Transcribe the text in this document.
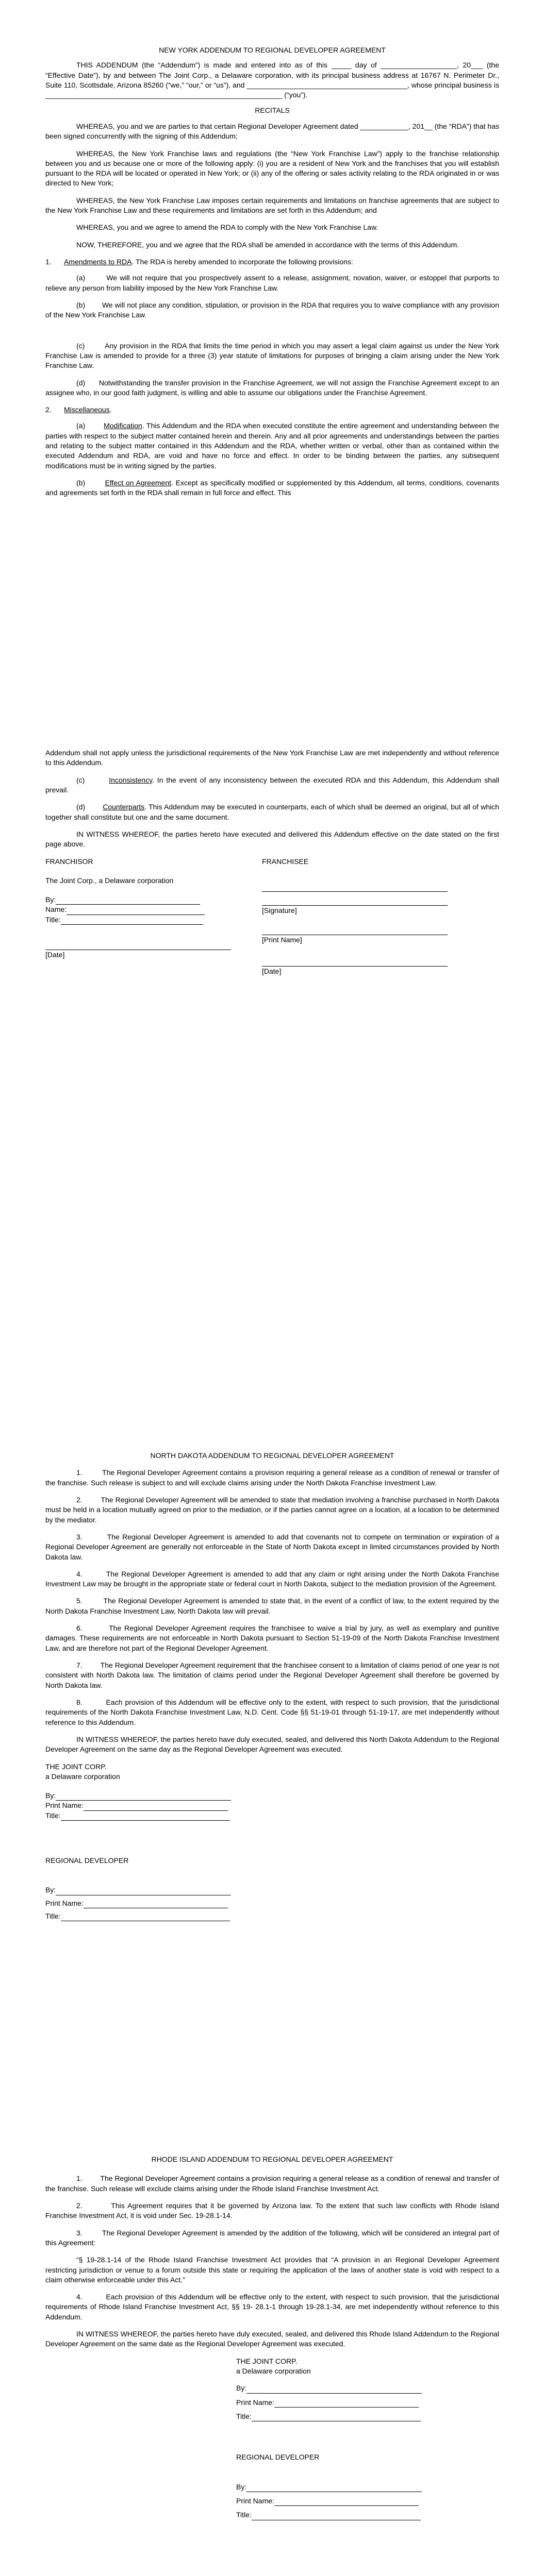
NEW YORK ADDENDUM TO REGIONAL DEVELOPER AGREEMENT

THIS ADDENDUM (the “Addendum”) is made and entered into as of this _____ day of ___________________, 20___ (the “Effective Date”), by and between The Joint Corp., a Delaware corporation, with its principal business address at 16767 N. Perimeter Dr., Suite 110, Scottsdale, Arizona 85260 (“we,” “our,” or “us”), and ________________________________________, whose principal business is ___________________________________________________________ (“you”).

RECITALS

WHEREAS, you and we are parties to that certain Regional Developer Agreement dated ____________, 201__ (the “RDA”) that has been signed concurrently with the signing of this Addendum;

WHEREAS, the New York Franchise laws and regulations (the “New York Franchise Law”) apply to the franchise relationship between you and us because one or more of the following apply: (i) you are a resident of New York and the franchises that you will establish pursuant to the RDA will be located or operated in New York; or (ii) any of the offering or sales activity relating to the RDA originated in or was directed to New York;

WHEREAS, the New York Franchise Law imposes certain requirements and limitations on franchise agreements that are subject to the New York Franchise Law and these requirements and limitations are set forth in this Addendum; and

WHEREAS, you and we agree to amend the RDA to comply with the New York Franchise Law.

NOW, THEREFORE, you and we agree that the RDA shall be amended in accordance with the terms of this Addendum.

1.	Amendments to RDA. The RDA is hereby amended to incorporate the following provisions:

(a)	We will not require that you prospectively assent to a release, assignment, novation, waiver, or estoppel that purports to relieve any person from liability imposed by the New York Franchise Law.

(b) We will not place any condition, stipulation, or provision in the RDA that requires you to waive compliance with any provision of the New York Franchise Law.

(c)	Any provision in the RDA that limits the time period in which you may assert a legal claim against us under the New York Franchise Law is amended to provide for a three (3) year statute of limitations for purposes of bringing a claim arising under the New York Franchise Law.

(d) Notwithstanding the transfer provision in the Franchise Agreement, we will not assign the Franchise Agreement except to an assignee who, in our good faith judgment, is willing and able to assume our obligations under the Franchise Agreement.

2.	Miscellaneous.

(a)	Modification. This Addendum and the RDA when executed constitute the entire agreement and understanding between the parties with respect to the subject matter contained herein and therein. Any and all prior agreements and understandings between the parties and relating to the subject matter contained in this Addendum and the RDA, whether written or verbal, other than as contained within the executed Addendum and RDA, are void and have no force and effect. In order to be binding between the parties, any subsequent modifications must be in writing signed by the parties.

(b)	Effect on Agreement. Except as specifically modified or supplemented by this Addendum, all terms, conditions, covenants and agreements set forth in the RDA shall remain in full force and effect. This

Addendum shall not apply unless the jurisdictional requirements of the New York Franchise Law are met independently and without reference to this Addendum.

(c)	Inconsistency. In the event of any inconsistency between the executed RDA and this Addendum, this Addendum shall prevail.

(d) Counterparts. This Addendum may be executed in counterparts, each of which shall be deemed an original, but all of which together shall constitute but one and the same document.

IN WITNESS WHEREOF, the parties hereto have executed and delivered this Addendum effective on the date stated on the first page above.

FRANCHISOR
The Joint Corp., a Delaware corporation
By:
Name:
Title:
[Date]
FRANCHISEE
[Signature]
[Print Name]
[Date]
NORTH DAKOTA ADDENDUM TO REGIONAL DEVELOPER AGREEMENT

1.         The Regional Developer Agreement contains a provision requiring a general release as a condition of renewal or transfer of the franchise. Such release is subject to and will exclude claims arising under the North Dakota Franchise Investment Law.

2.         The Regional Developer Agreement will be amended to state that mediation involving a franchise purchased in North Dakota must be held in a location mutually agreed on prior to the mediation, or if the parties cannot agree on a location, at a location to be determined by the mediator.

3.         The Regional Developer Agreement is amended to add that covenants not to compete on termination or expiration of a Regional Developer Agreement are generally not enforceable in the State of North Dakota except in limited circumstances provided by North Dakota law.

4.         The Regional Developer Agreement is amended to add that any claim or right arising under the North Dakota Franchise Investment Law may be brought in the appropriate state or federal court in North Dakota, subject to the mediation provision of the Agreement.

5.         The Regional Developer Agreement is amended to state that, in the event of a conflict of law, to the extent required by the North Dakota Franchise Investment Law, North Dakota law will prevail.

6.         The Regional Developer Agreement requires the franchisee to waive a trial by jury, as well as exemplary and punitive damages. These requirements are not enforceable in North Dakota pursuant to Section 51-19-09 of the North Dakota Franchise Investment Law, and are therefore not part of the Regional Developer Agreement.

7.         The Regional Developer Agreement requirement that the franchisee consent to a limitation of claims period of one year is not consistent with North Dakota law. The limitation of claims period under the Regional Developer Agreement shall therefore be governed by North Dakota law.

8.         Each provision of this Addendum will be effective only to the extent, with respect to such provision, that the jurisdictional requirements of the North Dakota Franchise Investment Law, N.D. Cent. Code §§ 51-19-01 through 51-19-17, are met independently without reference to this Addendum.

IN WITNESS WHEREOF, the parties hereto have duly executed, sealed, and delivered this North Dakota Addendum to the Regional Developer Agreement on the same day as the Regional Developer Agreement was executed.

THE JOINT CORP.
a Delaware corporation
By:
Print Name:
Title:
REGIONAL DEVELOPER
By:
Print Name:
Title:
RHODE ISLAND ADDENDUM TO REGIONAL DEVELOPER AGREEMENT

1.         The Regional Developer Agreement contains a provision requiring a general release as a condition of renewal and transfer of the franchise. Such release will exclude claims arising under the Rhode Island Franchise Investment Act.

2.         This Agreement requires that it be governed by Arizona law. To the extent that such law conflicts with Rhode Island Franchise Investment Act, it is void under Sec. 19-28.1-14.

3.         The Regional Developer Agreement is amended by the addition of the following, which will be considered an integral part of this Agreement:

“§ 19-28.1-14 of the Rhode Island Franchise Investment Act provides that “A provision in an Regional Developer Agreement restricting jurisdiction or venue to a forum outside this state or requiring the application of the laws of another state is void with respect to a claim otherwise enforceable under this Act.”

4.         Each provision of this Addendum will be effective only to the extent, with respect to such provision, that the jurisdictional requirements of Rhode Island Franchise Investment Act, §§ 19- 28.1-1 through 19-28.1-34, are met independently without reference to this Addendum.

IN WITNESS WHEREOF, the parties hereto have duly executed, sealed, and delivered this Rhode Island Addendum to the Regional Developer Agreement on the same date as the Regional Developer Agreement was executed.

THE JOINT CORP.
a Delaware corporation
By:
Print Name:
Title:
REGIONAL DEVELOPER
By:
Print Name:
Title:
